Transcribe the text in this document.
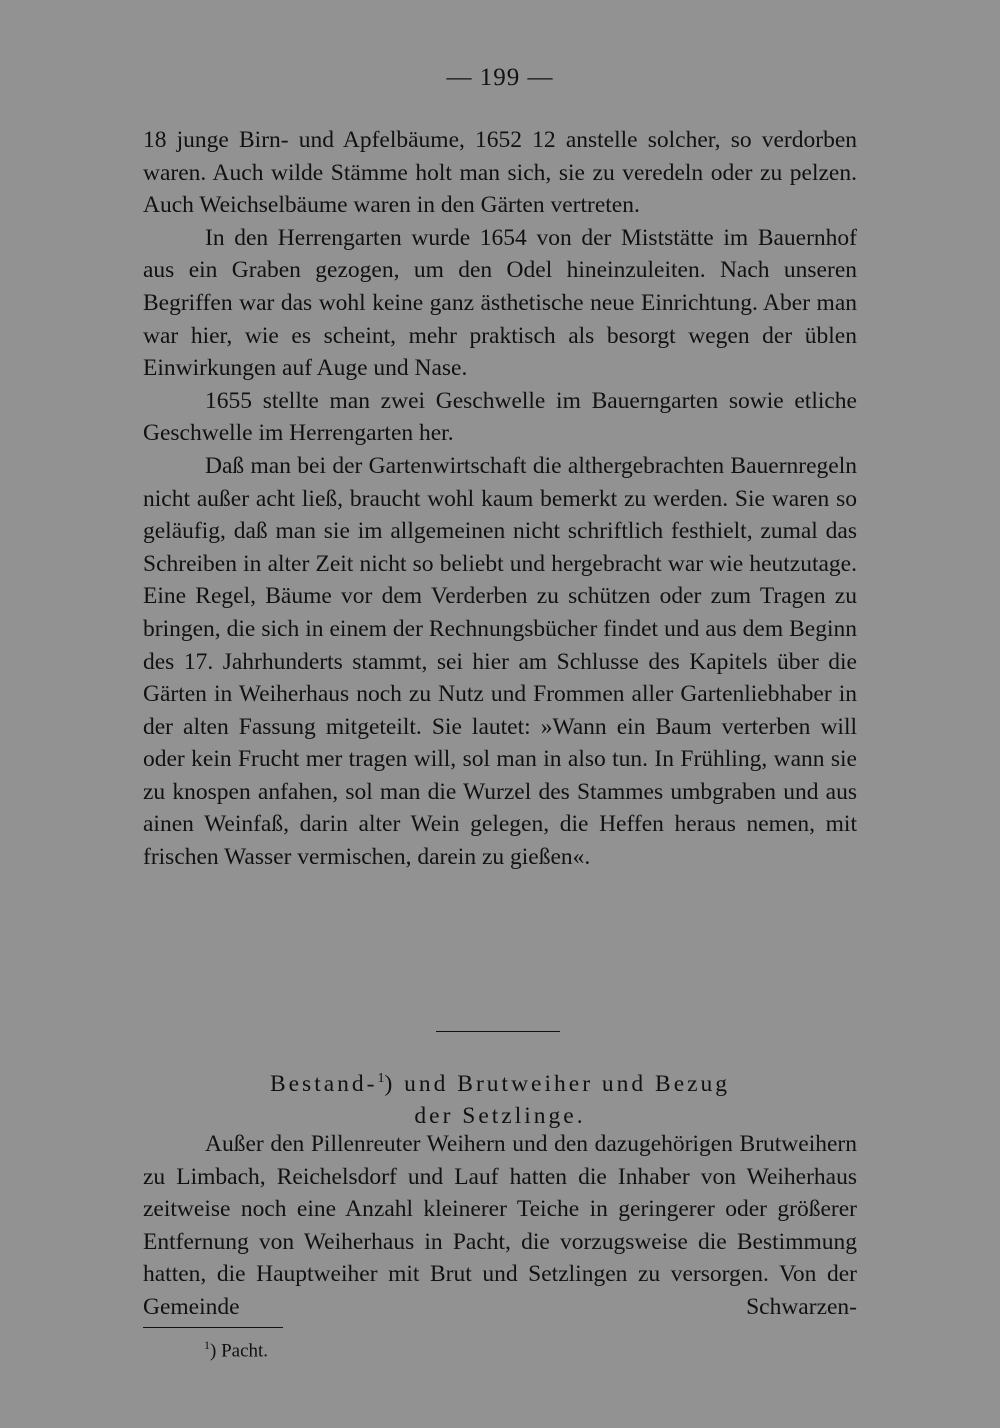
— 199 —

18 junge Birn- und Apfelbäume, 1652 12 anstelle solcher, so verdorben waren. Auch wilde Stämme holt man sich, sie zu veredeln oder zu pelzen. Auch Weichselbäume waren in den Gärten vertreten.

In den Herrengarten wurde 1654 von der Miststätte im Bauernhof aus ein Graben gezogen, um den Odel hineinzuleiten. Nach unseren Begriffen war das wohl keine ganz ästhetische neue Einrichtung. Aber man war hier, wie es scheint, mehr praktisch als besorgt wegen der üblen Einwirkungen auf Auge und Nase.

1655 stellte man zwei Geschwelle im Bauerngarten sowie etliche Geschwelle im Herrengarten her.

Daß man bei der Gartenwirtschaft die althergebrachten Bauernregeln nicht außer acht ließ, braucht wohl kaum bemerkt zu werden. Sie waren so geläufig, daß man sie im allgemeinen nicht schriftlich festhielt, zumal das Schreiben in alter Zeit nicht so beliebt und hergebracht war wie heutzutage. Eine Regel, Bäume vor dem Verderben zu schützen oder zum Tragen zu bringen, die sich in einem der Rechnungsbücher findet und aus dem Beginn des 17. Jahrhunderts stammt, sei hier am Schlusse des Kapitels über die Gärten in Weiherhaus noch zu Nutz und Frommen aller Gartenliebhaber in der alten Fassung mitgeteilt. Sie lautet: »Wann ein Baum verterben will oder kein Frucht mer tragen will, sol man in also tun. In Frühling, wann sie zu knospen anfahen, sol man die Wurzel des Stammes umbgraben und aus ainen Weinfaß, darin alter Wein gelegen, die Heffen heraus nemen, mit frischen Wasser vermischen, darein zu gießen«.

Bestand-$^1$) und Brutweiher und Bezug
der Setzlinge.

Außer den Pillenreuter Weihern und den dazugehörigen Brutweihern zu Limbach, Reichelsdorf und Lauf hatten die Inhaber von Weiherhaus zeitweise noch eine Anzahl kleinerer Teiche in geringerer oder größerer Entfernung von Weiherhaus in Pacht, die vorzugsweise die Bestimmung hatten, die Hauptweiher mit Brut und Setzlingen zu versorgen. Von der Gemeinde Schwarzen-

$^1$) Pacht.
